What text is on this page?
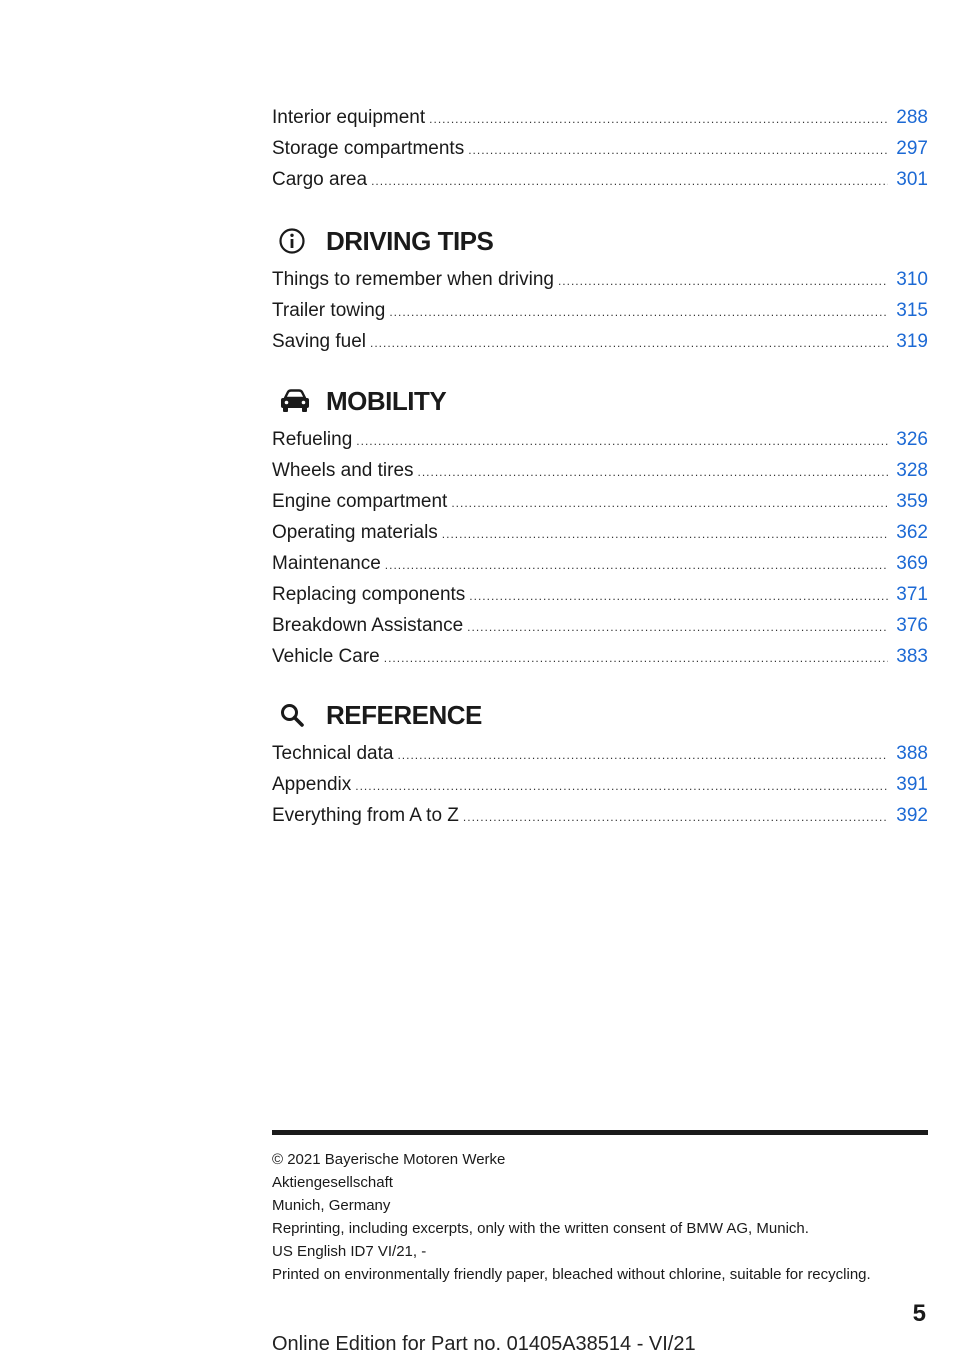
Interior equipment .....	288
Storage compartments .....	297
Cargo area .....	301
DRIVING TIPS
Things to remember when driving .....	310
Trailer towing .....	315
Saving fuel .....	319
MOBILITY
Refueling .....	326
Wheels and tires .....	328
Engine compartment .....	359
Operating materials .....	362
Maintenance .....	369
Replacing components .....	371
Breakdown Assistance .....	376
Vehicle Care .....	383
REFERENCE
Technical data .....	388
Appendix .....	391
Everything from A to Z .....	392
© 2021 Bayerische Motoren Werke
Aktiengesellschaft
Munich, Germany
Reprinting, including excerpts, only with the written consent of BMW AG, Munich.
US English ID7 VI/21, -
Printed on environmentally friendly paper, bleached without chlorine, suitable for recycling.
5
Online Edition for Part no. 01405A38514 - VI/21
